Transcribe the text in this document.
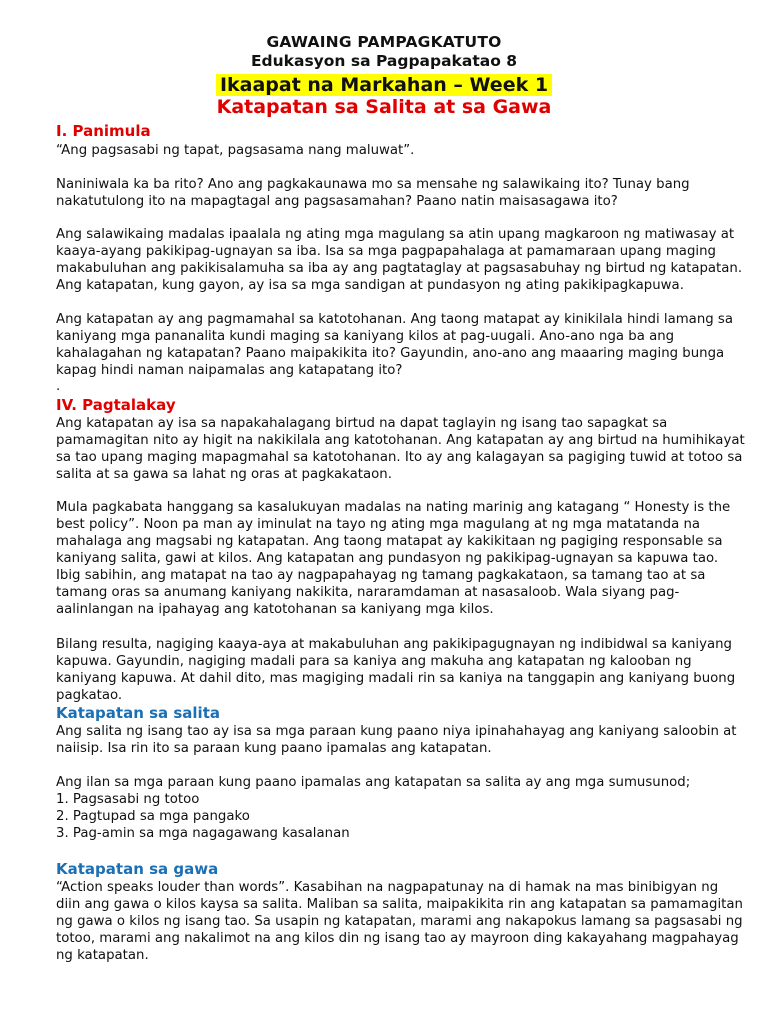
GAWAING PAMPAGKATUTO
Edukasyon sa Pagpapakatao 8
Ikaapat na Markahan – Week 1
Katapatan sa Salita at sa Gawa
I. Panimula

“Ang pagsasabi ng tapat, pagsasama nang maluwat”.

Naniniwala ka ba rito? Ano ang pagkakaunawa mo sa mensahe ng salawikaing ito? Tunay bang nakatutulong ito na mapagtagal ang pagsasamahan? Paano natin maisasagawa ito?

Ang salawikaing madalas ipaalala ng ating mga magulang sa atin upang magkaroon ng matiwasay at kaaya-ayang pakikipag-ugnayan sa iba. Isa sa mga pagpapahalaga at pamamaraan upang maging makabuluhan ang pakikisalamuha sa iba ay ang pagtataglay at pagsasabuhay ng birtud ng katapatan. Ang katapatan, kung gayon, ay isa sa mga sandigan at pundasyon ng ating pakikipagkapuwa.

Ang katapatan ay ang pagmamahal sa katotohanan. Ang taong matapat ay kinikilala hindi lamang sa kaniyang mga pananalita kundi maging sa kaniyang kilos at pag-uugali. Ano-ano nga ba ang kahalagahan ng katapatan? Paano maipakikita ito? Gayundin, ano-ano ang maaaring maging bunga kapag hindi naman naipamalas ang katapatang ito?

.

IV. Pagtalakay

Ang katapatan ay isa sa napakahalagang birtud na dapat taglayin ng isang tao sapagkat sa pamamagitan nito ay higit na nakikilala ang katotohanan. Ang katapatan ay ang birtud na humihikayat sa tao upang maging mapagmahal sa katotohanan. Ito ay ang kalagayan sa pagiging tuwid at totoo sa salita at sa gawa sa lahat ng oras at pagkakataon.

Mula pagkabata hanggang sa kasalukuyan madalas na nating marinig ang katagang “ Honesty is the best policy”. Noon pa man ay iminulat na tayo ng ating mga magulang at ng mga matatanda na mahalaga ang magsabi ng katapatan. Ang taong matapat ay kakikitaan ng pagiging responsable sa kaniyang salita, gawi at kilos. Ang katapatan ang pundasyon ng pakikipag-ugnayan sa kapuwa tao. Ibig sabihin, ang matapat na tao ay nagpapahayag ng tamang pagkakataon, sa tamang tao at sa tamang oras sa anumang kaniyang nakikita, nararamdaman at nasasaloob. Wala siyang pag-aalinlangan na ipahayag ang katotohanan sa kaniyang mga kilos.

Bilang resulta, nagiging kaaya-aya at makabuluhan ang pakikipagugnayan ng indibidwal sa kaniyang kapuwa. Gayundin, nagiging madali para sa kaniya ang makuha ang katapatan ng kalooban ng kaniyang kapuwa. At dahil dito, mas magiging madali rin sa kaniya na tanggapin ang kaniyang buong pagkatao.

Katapatan sa salita

Ang salita ng isang tao ay isa sa mga paraan kung paano niya ipinahahayag ang kaniyang saloobin at naiisip. Isa rin ito sa paraan kung paano ipamalas ang katapatan.

Ang ilan sa mga paraan kung paano ipamalas ang katapatan sa salita ay ang mga sumusunod;

1. Pagsasabi ng totoo
2. Pagtupad sa mga pangako
3. Pag-amin sa mga nagagawang kasalanan
Katapatan sa gawa

“Action speaks louder than words”. Kasabihan na nagpapatunay na di hamak na mas binibigyan ng diin ang gawa o kilos kaysa sa salita. Maliban sa salita, maipakikita rin ang katapatan sa pamamagitan ng gawa o kilos ng isang tao. Sa usapin ng katapatan, marami ang nakapokus lamang sa pagsasabi ng totoo, marami ang nakalimot na ang kilos din ng isang tao ay mayroon ding kakayahang magpahayag ng katapatan.
